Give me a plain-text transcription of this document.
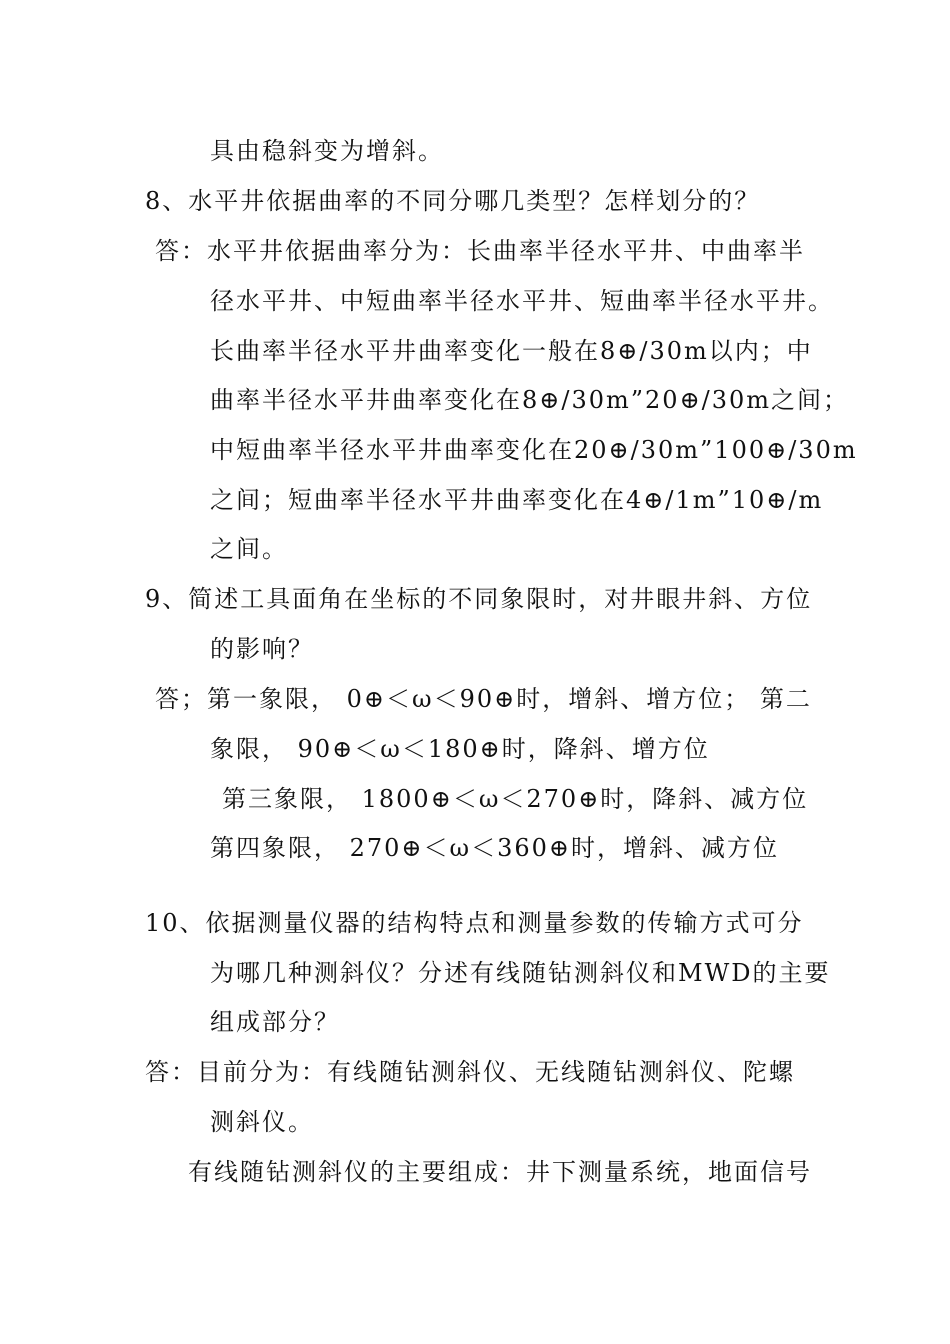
具由稳斜变为增斜。
8、水平井依据曲率的不同分哪几类型？怎样划分的？
答：水平井依据曲率分为：长曲率半径水平井、中曲率半
径水平井、中短曲率半径水平井、短曲率半径水平井。
长曲率半径水平井曲率变化一般在8⊕/30m以内；中
曲率半径水平井曲率变化在8⊕/30m”20⊕/30m之间；
中短曲率半径水平井曲率变化在20⊕/30m”100⊕/30m
之间；短曲率半径水平井曲率变化在4⊕/1m”10⊕/m
之间。
9、简述工具面角在坐标的不同象限时，对井眼井斜、方位
的影响？
答；第一象限， 0⊕＜ω＜90⊕时，增斜、增方位； 第二
象限， 90⊕＜ω＜180⊕时，降斜、增方位
第三象限， 1800⊕＜ω＜270⊕时，降斜、减方位
第四象限， 270⊕＜ω＜360⊕时，增斜、减方位
10、依据测量仪器的结构特点和测量参数的传输方式可分
为哪几种测斜仪？分述有线随钻测斜仪和MWD的主要
组成部分？
答：目前分为：有线随钻测斜仪、无线随钻测斜仪、陀螺
测斜仪。
有线随钻测斜仪的主要组成：井下测量系统，地面信号
